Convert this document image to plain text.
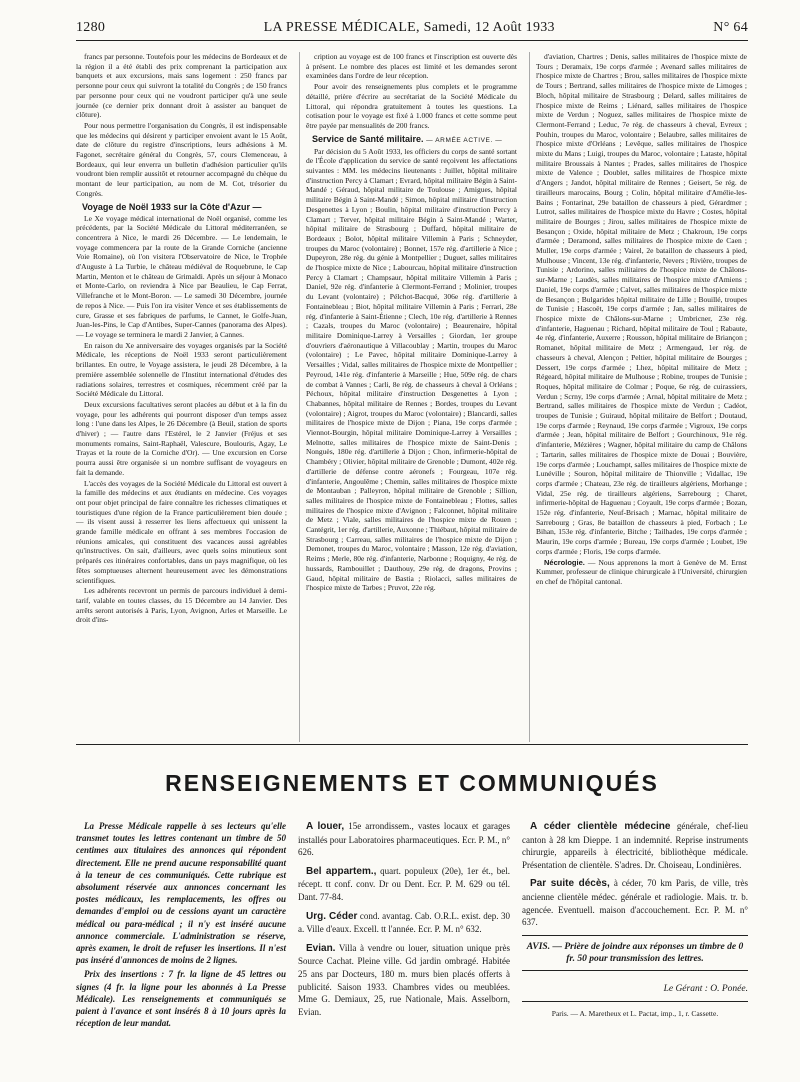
1280	LA PRESSE MÉDICALE, Samedi, 12 Août 1933	N° 64

francs par personne. Toutefois pour les médecins de Bordeaux et de la région il a été établi des prix comprenant la participation aux banquets et aux excursions, mais sans logement : 250 francs par personne pour ceux qui suivront la totalité du Congrès ; de 150 francs par personne pour ceux qui ne voudront participer qu'à une seule journée (ce dernier prix donnant droit à assister au banquet de clôture).

Pour nous permettre l'organisation du Congrès, il est indispensable que les médecins qui désirent y participer envoient avant le 15 Août, date de clôture du registre d'inscriptions, leurs adhésions à M. Fagonet, secrétaire général du Congrès, 57, cours Clemenceau, à Bordeaux, qui leur enverra un bulletin d'adhésion particulier qu'ils voudront bien remplir aussitôt et retourner accompagné du chèque du montant de leur participation, au nom de M. Cot, trésorier du Congrès.

Voyage de Noël 1933 sur la Côte d'Azur —

Le Xe voyage médical international de Noël organisé, comme les précédents, par la Société Médicale du Littoral méditerranéen, se concentrera à Nice, le mardi 26 Décembre. — Le lendemain, le voyage commencera par la route de la Grande Corniche (ancienne Voie Romaine), où l'on visitera l'Observatoire de Nice, le Trophée d'Auguste à La Turbie, le château médiéval de Roquebrune, le Cap Martin, Menton et le château de Grimaldi. Après un séjour à Monaco et Monte-Carlo, on reviendra à Nice par Beaulieu, le Cap Ferrat, Villefranche et le Mont-Boron. — Le samedi 30 Décembre, journée de repos à Nice. — Puis l'on ira visiter Vence et ses établissements de cure, Grasse et ses fabriques de parfums, le Cannet, le Golfe-Juan, Juan-les-Pins, le Cap d'Antibes, Super-Cannes (panorama des Alpes). — Le voyage se terminera le mardi 2 Janvier, à Cannes.

En raison du Xe anniversaire des voyages organisés par la Société Médicale, les réceptions de Noël 1933 seront particulièrement brillantes. En outre, le Voyage assistera, le jeudi 28 Décembre, à la première assemblée solennelle de l'Institut international d'études des radiations solaires, terrestres et cosmiques, récemment créé par la Société Médicale du Littoral.

Deux excursions facultatives seront placées au début et à la fin du voyage, pour les adhérents qui pourront disposer d'un temps assez long : l'une dans les Alpes, le 26 Décembre (à Beuil, station de sports d'hiver) ; — l'autre dans l'Estérel, le 2 Janvier (Fréjus et ses monuments romains, Saint-Raphaël, Valescure, Boulouris, Agay, Le Trayas et la route de la Corniche d'Or). — Une excursion en Corse pourra aussi être organisée si un nombre suffisant de voyageurs en fait la demande.

L'accès des voyages de la Société Médicale du Littoral est ouvert à la famille des médecins et aux étudiants en médecine. Ces voyages ont pour objet principal de faire connaître les richesses climatiques et touristiques d'une région de la France particulièrement bien douée ; — ils visent aussi à resserrer les liens affectueux qui unissent la grande famille médicale en offrant à ses membres l'occasion de réunions amicales, qui constituent des vacances aussi agréables qu'instructives. On sait, d'ailleurs, avec quels soins minutieux sont préparés ces itinéraires confortables, dans un pays magnifique, où les fêtes somptueuses alternent heureusement avec les démonstrations scientifiques.

Les adhérents recevront un permis de parcours individuel à demi-tarif, valable en toutes classes, du 15 Décembre au 14 Janvier. Des arrêts seront autorisés à Paris, Lyon, Avignon, Arles et Marseille. Le droit d'ins-

cription au voyage est de 100 francs et l'inscription est ouverte dès à présent. Le nombre des places est limité et les demandes seront examinées dans l'ordre de leur réception.

Pour avoir des renseignements plus complets et le programme détaillé, prière d'écrire au secrétariat de la Société Médicale du Littoral, qui répondra gratuitement à toutes les questions. La cotisation pour le voyage est fixé à 1.000 francs et cette somme peut être payée par mensualités de 200 francs.

Service de Santé militaire. — ARMÉE ACTIVE. —

Par décision du 5 Août 1933, les officiers du corps de santé sortant de l'École d'application du service de santé reçoivent les affectations suivantes : MM. les médecins lieutenants : Juillet, hôpital militaire d'instruction Percy à Clamart ; Evrard, hôpital militaire Bégin à Saint-Mandé ; Géraud, hôpital militaire de Toulouse ; Amigues, hôpital militaire Bégin à Saint-Mandé ; Simon, hôpital militaire d'instruction Desgenettes à Lyon ; Boulin, hôpital militaire d'instruction Percy à Clamart ; Terver, hôpital militaire Bégin à Saint-Mandé ; Warter, hôpital militaire de Strasbourg ; Duffard, hôpital militaire de Bordeaux ; Bolot, hôpital militaire Villemin à Paris ; Schneyder, troupes du Maroc (volontaire) ; Bonnet, 157e rég. d'artillerie à Nice ; Dupeyron, 28e rég. du génie à Montpellier ; Duguet, salles militaires de l'hospice mixte de Nice ; Labourcau, hôpital militaire d'instruction Percy à Clamart ; Champsaur, hôpital militaire Villemin à Paris ; Daniel, 92e rég. d'infanterie à Clermont-Ferrand ; Molinier, troupes du Levant (volontaire) ; Pélchot-Bacqué, 306e rég. d'artillerie à Fontainebleau ; Biot, hôpital militaire Villemin à Paris ; Ferrari, 28e rég. d'infanterie à Saint-Étienne ; Clech, 10e rég. d'artillerie à Rennes ; Cazals, troupes du Maroc (volontaire) ; Beaurenaire, hôpital militaire Dominique-Larrey à Versailles ; Giordan, 1er groupe d'ouvriers d'aéronautique à Villacoublay ; Martin, troupes du Maroc (volontaire) ; Le Pavec, hôpital militaire Dominique-Larrey à Versailles ; Vidal, salles militaires de l'hospice mixte de Montpellier ; Peyroud, 141e rég. d'infanterie à Marseille ; Hue, 509e rég. de chars de combat à Vannes ; Carli, 8e rég. de chasseurs à cheval à Orléans ; Péchoux, hôpital militaire d'instruction Desgenettes à Lyon ; Chabannes, hôpital militaire de Rennes ; Bordes, troupes du Levant (volontaire) ; Aigrot, troupes du Maroc (volontaire) ; Blancardi, salles militaires de l'hospice mixte de Dijon ; Piana, 19e corps d'armée ; Viennot-Bourgin, hôpital militaire Dominique-Larrey à Versailles ; Melnotte, salles militaires de l'hospice mixte de Saint-Denis ; Nonguès, 180e rég. d'artillerie à Dijon ; Chon, infirmerie-hôpital de Chambéry ; Olivier, hôpital militaire de Grenoble ; Dumont, 402e rég. d'artillerie de défense contre aéronefs ; Fourgeau, 107e rég. d'infanterie, Angoulême ; Chemin, salles militaires de l'hospice mixte de Montauban ; Palleyron, hôpital militaire de Grenoble ; Sillion, salles militaires de l'hospice mixte de Fontainebleau ; Flottes, salles militaires de l'hospice mixte d'Avignon ; Falconnet, hôpital militaire de Metz ; Viale, salles militaires de l'hospice mixte de Rouen ; Cantégrit, 1er rég. d'artillerie, Auxonne ; Thiébaut, hôpital militaire de Strasbourg ; Carreau, salles militaires de l'hospice mixte de Dijon ; Demonet, troupes du Maroc, volontaire ; Masson, 12e rég. d'aviation, Reims ; Merle, 80e rég. d'infanterie, Narbonne ; Roquigny, 4e rég. de hussards, Rambouillet ; Dauthouy, 29e rég. de dragons, Provins ; Gaud, hôpital militaire de Bastia ; Riolacci, salles militaires de l'hospice mixte de Tarbes ; Pruvot, 22e rég.

d'aviation, Chartres ; Denis, salles militaires de l'hospice mixte de Tours ; Deramaix, 19e corps d'armée ; Avenard salles militaires de l'hospice mixte de Chartres ; Brou, salles militaires de l'hospice mixte de Tours ; Bertrand, salles militaires de l'hospice mixte de Limoges ; Bloch, hôpital militaire de Strasbourg ; Delard, salles militaires de l'hospice mixte de Reims ; Liénard, salles militaires de l'hospice mixte de Verdun ; Noguez, salles militaires de l'hospice mixte de Clermont-Ferrand ; Leduc, 7e rég. de chasseurs à cheval, Evreux ; Pouhin, troupes du Maroc, volontaire ; Belaubre, salles militaires de l'hospice mixte d'Orléans ; Levêque, salles militaires de l'hospice mixte du Mans ; Luigi, troupes du Maroc, volontaire ; Lataste, hôpital militaire Broussais à Nantes ; Prades, salles militaires de l'hospice mixte de Valence ; Doublet, salles militaires de l'hospice mixte d'Angers ; Jandot, hôpital militaire de Rennes ; Geisert, 5e rég. de tirailleurs marocains, Bourg ; Colin, hôpital militaire d'Amélie-les-Bains ; Fontarinat, 29e bataillon de chasseurs à pied, Gérardmer ; Lutrot, salles militaires de l'hospice mixte du Havre ; Costes, hôpital militaire de Bourges ; Jirou, salles militaires de l'hospice mixte de Besançon ; Oxide, hôpital militaire de Metz ; Chakroun, 19e corps d'armée ; Deramond, salles militaires de l'hospice mixte de Caen ; Muller, 19e corps d'armée ; Vairel, 2e bataillon de chasseurs à pied, Mulhouse ; Vincent, 13e rég. d'infanterie, Nevers ; Rivière, troupes de Tunisie ; Ardorino, salles militaires de l'hospice mixte de Châlons-sur-Marne ; Laudès, salles militaires de l'hospice mixte d'Amiens ; Daniel, 19e corps d'armée ; Calvet, salles militaires de l'hospice mixte de Besançon ; Bulgarides hôpital militaire de Lille ; Bouillé, troupes de Tunisie ; Hascoët, 19e corps d'armée ; Jan, salles militaires de l'hospice mixte de Châlons-sur-Marne ; Umbricner, 23e rég. d'infanterie, Haguenau ; Richard, hôpital militaire de Toul ; Rabaute, 4e rég. d'infanterie, Auxerre ; Rousson, hôpital militaire de Briançon ; Romanet, hôpital militaire de Metz ; Armengaud, 1er rég. de chasseurs à cheval, Alençon ; Peltier, hôpital militaire de Bourges ; Dessert, 19e corps d'armée ; Lhez, hôpital militaire de Metz ; Régeard, hôpital militaire de Mulhouse ; Robine, troupes de Tunisie ; Roques, hôpital militaire de Colmar ; Poque, 6e rég. de cuirassiers, Verdun ; Scrny, 19e corps d'armée ; Arnal, hôpital militaire de Metz ; Bertrand, salles militaires de l'hospice mixte de Verdun ; Cadéot, troupes de Tunisie ; Guiraud, hôpital militaire de Belfort ; Doutaud, 19e corps d'armée ; Reynaud, 19e corps d'armée ; Vigroux, 19e corps d'armée ; Jean, hôpital militaire de Belfort ; Gourchinoux, 91e rég. d'infanterie, Mézières ; Wagner, hôpital militaire du camp de Châlons ; Tartarin, salles militaires de l'hospice mixte de Douai ; Bouvière, 19e corps d'armée ; Louchampt, salles militaires de l'hospice mixte de Lunéville ; Souron, hôpital militaire de Thionville ; Vidallac, 19e corps d'armée ; Chateau, 23e rég. de tirailleurs algériens, Morhange ; Vidal, 25e rég. de tirailleurs algériens, Sarrebourg ; Charet, infirmerie-hôpital de Haguenau ; Coyault, 19e corps d'armée ; Bozan, 152e rég. d'infanterie, Neuf-Brisach ; Marnac, hôpital militaire de Sarrebourg ; Gras, 8e bataillon de chasseurs à pied, Forbach ; Le Bihan, 153e rég. d'infanterie, Bitche ; Tailhades, 19e corps d'armée ; Maurin, 19e corps d'armée ; Bureau, 19e corps d'armée ; Loubet, 19e corps d'armée ; Floris, 19e corps d'armée.

Nécrologie. — Nous apprenons la mort à Genève de M. Ernst Kummer, professeur de clinique chirurgicale à l'Université, chirurgien en chef de l'hôpital cantonal.

RENSEIGNEMENTS ET COMMUNIQUÉS

La Presse Médicale rappelle à ses lecteurs qu'elle transmet toutes les lettres contenant un timbre de 50 centimes aux titulaires des annonces qui répondent directement. Elle ne prend aucune responsabilité quant à la teneur de ces communiqués. Cette rubrique est absolument réservée aux annonces concernant les postes médicaux, les remplacements, les offres ou demandes d'emploi ou de cessions ayant un caractère médical ou para-médical ; il n'y est inséré aucune annonce commerciale. L'administration se réserve, après examen, le droit de refuser les insertions. Il n'est pas inséré d'annonces de moins de 2 lignes.

Prix des insertions : 7 fr. la ligne de 45 lettres ou signes (4 fr. la ligne pour les abonnés à La Presse Médicale). Les renseignements et communiqués se paient à l'avance et sont insérés 8 à 10 jours après la réception de leur mandat.

A louer, 15e arrondissem., vastes locaux et garages installés pour Laboratoires pharmaceutiques. Ecr. P. M., n° 626.

Bel appartem., quart. populeux (20e), 1er ét., bel. récept. tt conf. conv. Dr ou Dent. Ecr. P. M. 629 ou tél. Dant. 77-84.

Urg. Céder cond. avantag. Cab. O.R.L. exist. dep. 30 a. Ville d'eaux. Excell. tt l'année. Ecr. P. M. n° 632.

Evian. Villa à vendre ou louer, situation unique près Source Cachat. Pleine ville. Gd jardin ombragé. Habitée 25 ans par Docteurs, 180 m. murs bien placés offerts à publicité. Saison 1933. Chambres vides ou meublées. Mme G. Demiaux, 25, rue Nationale, Mais. Asselborn, Evian.

A céder clientèle médecine générale, chef-lieu canton à 28 km Dieppe. 1 an indemnité. Reprise instruments chirurgie, appareils à électricité, bibliothèque médicale. Présentation de clientèle. S'adres. Dr. Choiseau, Londinières.

Par suite décès, à céder, 70 km Paris, de ville, très ancienne clientèle médec. générale et radiologie. Mais. tr. b. agencée. Eventuell. maison d'accouchement. Ecr. P. M. n° 637.

AVIS. — Prière de joindre aux réponses un timbre de 0 fr. 50 pour transmission des lettres.
Le Gérant : O. Ponée.
Paris. — A. Maretheux et L. Pactat, imp., 1, r. Cassette.
